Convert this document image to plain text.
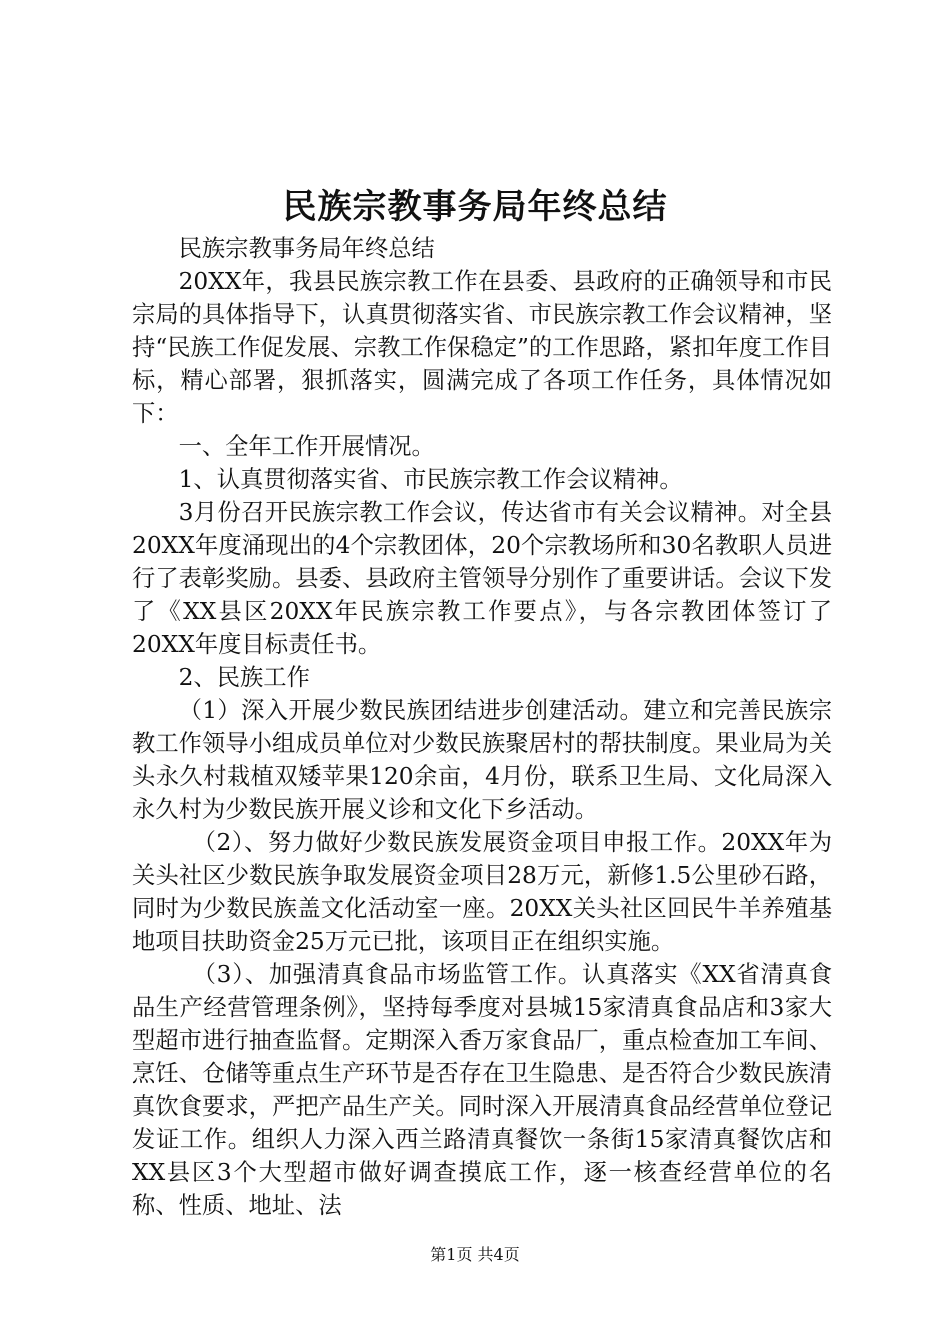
民族宗教事务局年终总结

民族宗教事务局年终总结

20XX年，我县民族宗教工作在县委、县政府的正确领导和市民宗局的具体指导下，认真贯彻落实省、市民族宗教工作会议精神，坚持“民族工作促发展、宗教工作保稳定”的工作思路，紧扣年度工作目标，精心部署，狠抓落实，圆满完成了各项工作任务，具体情况如下：

一、全年工作开展情况。

1、认真贯彻落实省、市民族宗教工作会议精神。

3月份召开民族宗教工作会议，传达省市有关会议精神。对全县20XX年度涌现出的4个宗教团体，20个宗教场所和30名教职人员进行了表彰奖励。县委、县政府主管领导分别作了重要讲话。会议下发了《XX县区20XX年民族宗教工作要点》，与各宗教团体签订了20XX年度目标责任书。

2、民族工作

（1）深入开展少数民族团结进步创建活动。建立和完善民族宗教工作领导小组成员单位对少数民族聚居村的帮扶制度。果业局为关头永久村栽植双矮苹果120余亩，4月份，联系卫生局、文化局深入永久村为少数民族开展义诊和文化下乡活动。

（2）、努力做好少数民族发展资金项目申报工作。20XX年为关头社区少数民族争取发展资金项目28万元，新修1.5公里砂石路，同时为少数民族盖文化活动室一座。20XX关头社区回民牛羊养殖基地项目扶助资金25万元已批，该项目正在组织实施。

（3）、加强清真食品市场监管工作。认真落实《XX省清真食品生产经营管理条例》，坚持每季度对县城15家清真食品店和3家大型超市进行抽查监督。定期深入香万家食品厂，重点检查加工车间、烹饪、仓储等重点生产环节是否存在卫生隐患、是否符合少数民族清真饮食要求，严把产品生产关。同时深入开展清真食品经营单位登记发证工作。组织人力深入西兰路清真餐饮一条街15家清真餐饮店和XX县区3个大型超市做好调查摸底工作，逐一核查经营单位的名称、性质、地址、法

第1页 共4页
